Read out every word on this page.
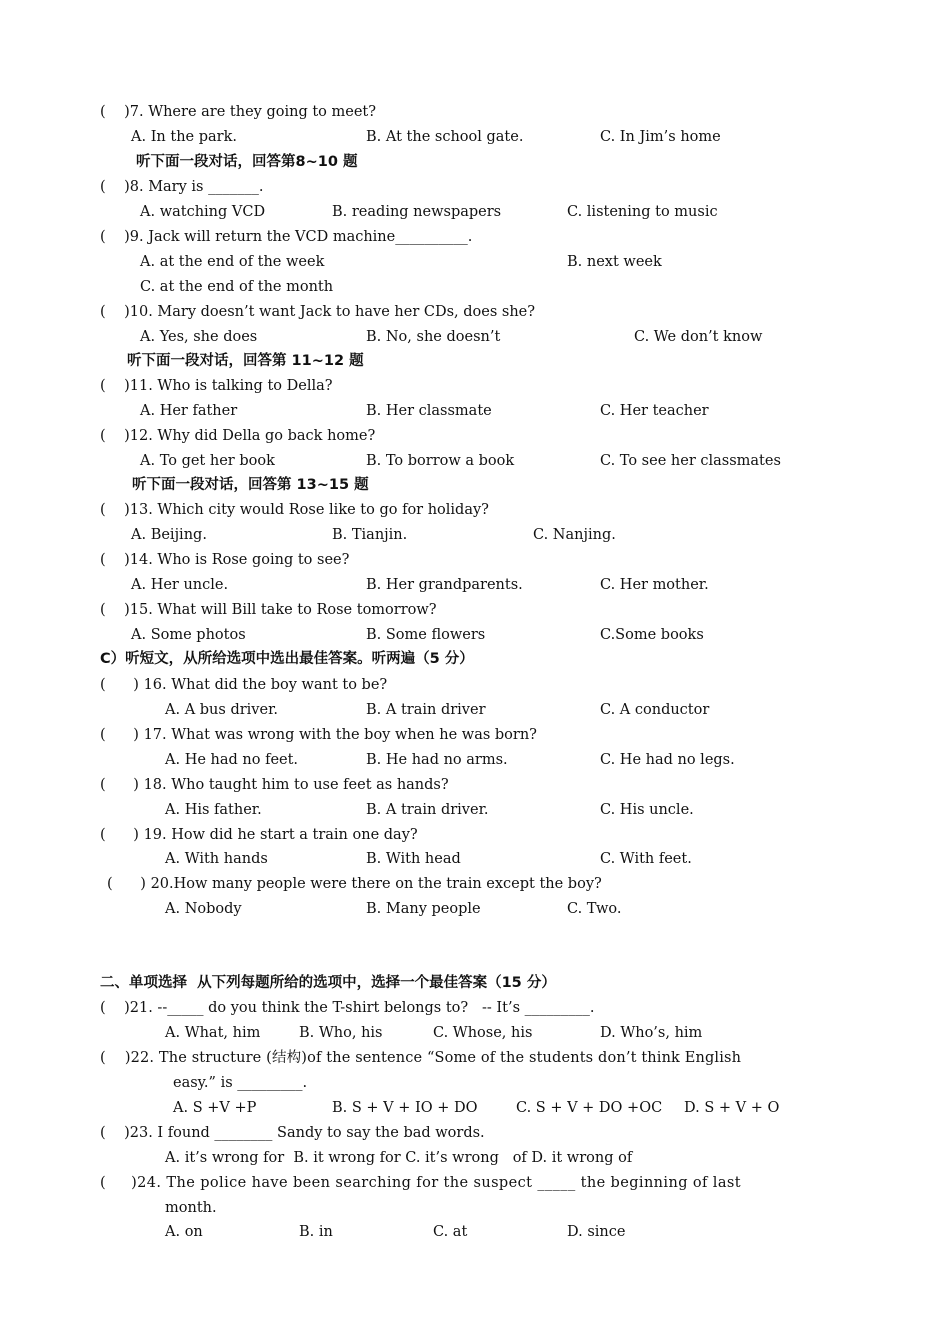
(    )7. Where are they going to meet?
A. In the park.	B. At the school gate.	C. In Jim’s home
听下面一段对话，回答第8~10 题
(    )8. Mary is _______.
A. watching VCD	B. reading newspapers	C. listening to music
(    )9. Jack will return the VCD machine__________.
A. at the end of the week	B. next week
C. at the end of the month
(    )10. Mary doesn’t want Jack to have her CDs, does she?
A. Yes, she does	B. No, she doesn’t	C. We don’t know
听下面一段对话，回答第 11~12 题
(    )11. Who is talking to Della?
A. Her father	B. Her classmate	C. Her teacher
(    )12. Why did Della go back home?
A. To get her book	B. To borrow a book	C. To see her classmates
听下面一段对话，回答第 13~15 题
(    )13. Which city would Rose like to go for holiday?
A. Beijing.	B. Tianjin.	C. Nanjing.
(    )14. Who is Rose going to see?
A. Her uncle.	B. Her grandparents.	C. Her mother.
(    )15. What will Bill take to Rose tomorrow?
A. Some photos	B. Some flowers	C.Some books
C）听短文，从所给选项中选出最佳答案。听两遍（5 分）
(      ) 16. What did the boy want to be?
A. A bus driver.	B. A train driver	C. A conductor
(      ) 17. What was wrong with the boy when he was born?
A. He had no feet.	B. He had no arms.	C. He had no legs.
(      ) 18. Who taught him to use feet as hands?
A. His father.	B. A train driver.	C. His uncle.
(      ) 19. How did he start a train one day?
A. With hands	B. With head	C. With feet.
(      ) 20.How many people were there on the train except the boy?
A. Nobody	B. Many people	C. Two.
二、单项选择  从下列每题所给的选项中，选择一个最佳答案（15 分）
(    )21. --_____ do you think the T-shirt belongs to?   -- It’s _________.
A. What, him	B. Who, his	C. Whose, his	D. Who’s, him
(    )22. The structure (结构)of the sentence “Some of the students don’t think English
easy.” is _________.
A. S +V +P	B. S + V + IO + DO	C. S + V + DO +OC D. S + V + O
(    )23. I found ________ Sandy to say the bad words.
A. it’s wrong for  B. it wrong for C. it’s wrong   of D. it wrong of
(     )24. The police have been searching for the suspect _____ the beginning of last
month.
A. on	B. in	C. at	D. since
